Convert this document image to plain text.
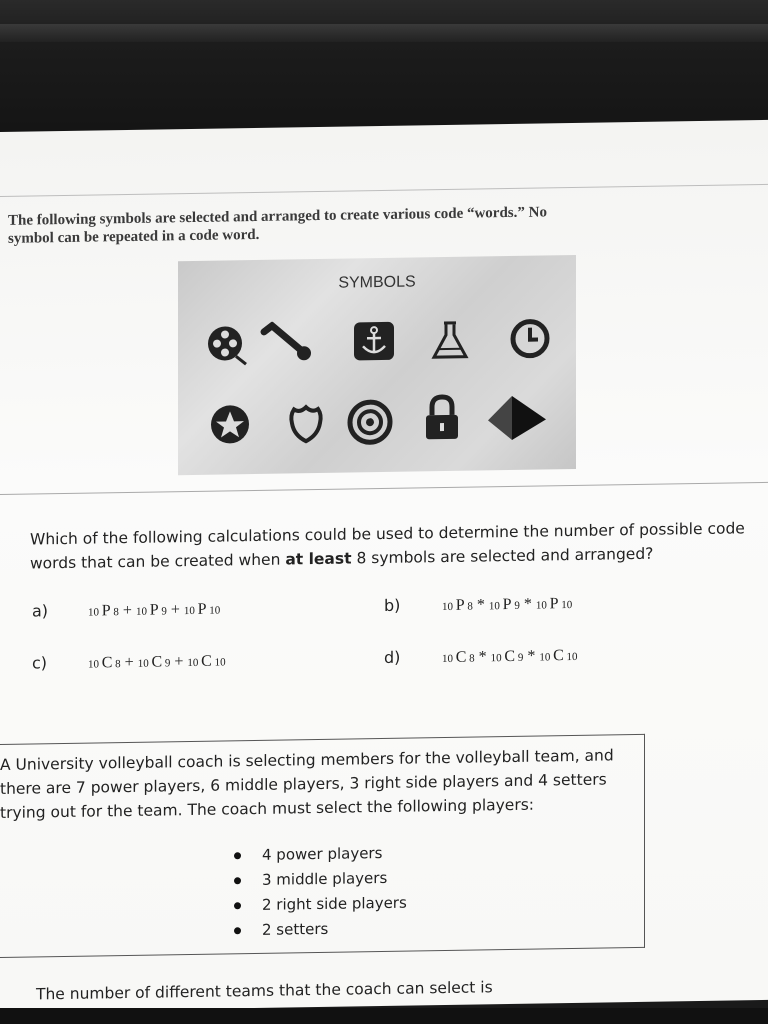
The following symbols are selected and arranged to create various code “words.” No
symbol can be repeated in a code word.
SYMBOLS
Which of the following calculations could be used to determine the number of possible code
words that can be created when at least 8 symbols are selected and arranged?
a)	10 P 8 + 10 P 9 + 10 P 10	b)	10 P 8 * 10 P 9 * 10 P 10
c)	10 C 8 + 10 C 9 + 10 C 10	d)	10 C 8 * 10 C 9 * 10 C 10
A University volleyball coach is selecting members for the volleyball team, and
there are 7 power players, 6 middle players, 3 right side players and 4 setters
trying out for the team. The coach must select the following players:
4 power players
3 middle players
2 right side players
2 setters
The number of different teams that the coach can select is
